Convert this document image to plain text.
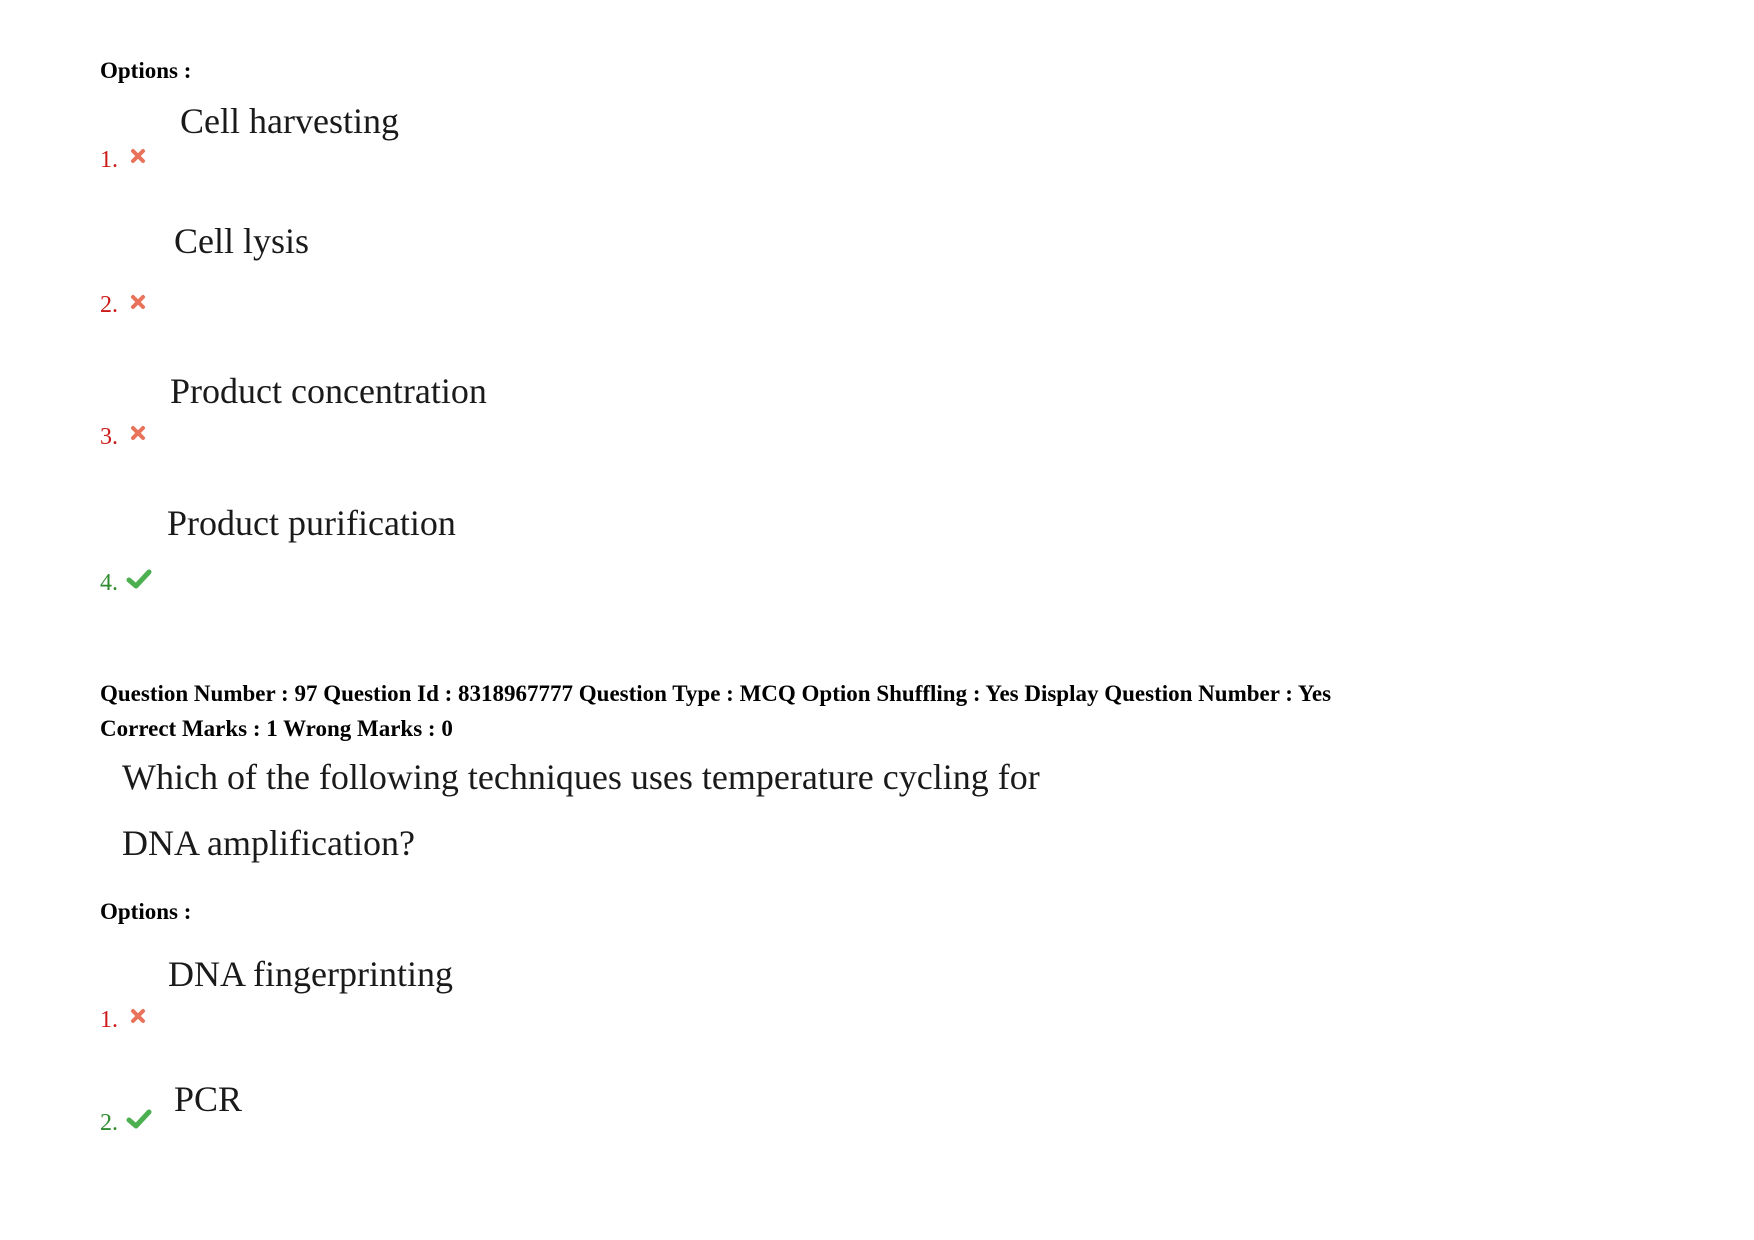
Options :
Cell harvesting
1.
Cell lysis
2.
Product concentration
3.
Product purification
4.
Question Number : 97 Question Id : 8318967777 Question Type : MCQ Option Shuffling : Yes Display Question Number : Yes
Correct Marks : 1 Wrong Marks : 0
Which of the following techniques uses temperature cycling for
DNA amplification?
Options :
DNA fingerprinting
1.
PCR
2.
